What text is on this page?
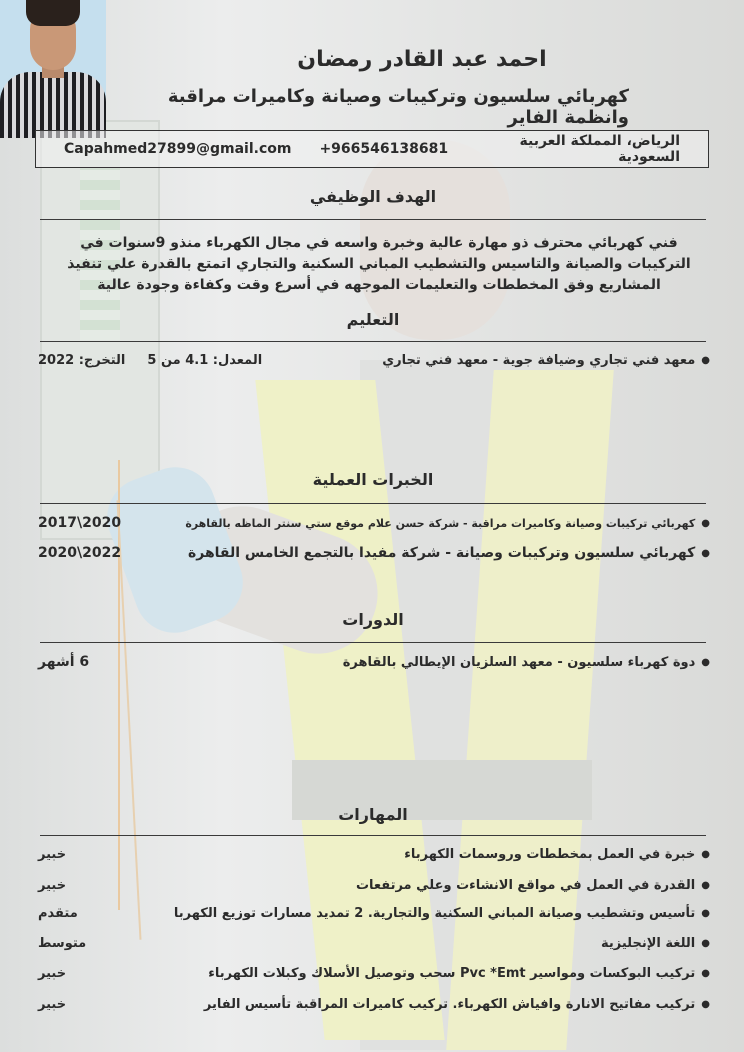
احمد عبد القادر رمضان
كهربائي سلسيون وتركيبات وصيانة وكاميرات مراقبة وانظمة الفاير
الرياض، المملكة العربية السعودية
+966546138681
Capahmed27899@gmail.com
الهدف الوظيفي
فني كهربائي محترف ذو مهارة عالية وخبرة واسعه في مجال الكهرباء منذو 9سنوات في التركيبات والصيانة والتاسيس والتشطيب المباني السكنية والتجاري اتمتع بالقدرة علي تنفيذ المشاريع وفق المخططات والتعليمات الموجهه في أسرع وقت وكفاءة وجودة عالية
التعليم
●
معهد فني تجاري وضيافة جوية - معهد فني تجاري
المعدل: 4.1 من 5
التخرج: 2022
الخبرات العملية
●
كهربائي تركيبات وصيانة وكاميرات مراقبة - شركة حسن علام موقع ستي سنتر الماظه بالقاهرة
2020\2017
●
كهربائي سلسيون وتركيبات وصيانة - شركة مفيدا بالتجمع الخامس القاهرة
2022\2020
الدورات
●
دوة كهرباء سلسيون - معهد السلزيان الإيطالي بالقاهرة
6 أشهر
المهارات
●
خبرة في العمل بمخططات وروسمات الكهرباء
خبير
●
القدرة في العمل في مواقع الانشاءت وعلي مرتفعات
خبير
●
تأسيس وتشطيب وصيانة المباني السكنية والتجارية. 2 تمديد مسارات توزيع الكهربا
متقدم
●
اللغة الإنجليزية
متوسط
●
تركيب البوكسات ومواسير Pvc *Emt سحب وتوصيل الأسلاك وكبلات الكهرباء
خبير
●
تركيب مفاتيح الانارة وافياش الكهرباء. تركيب كاميرات المراقبة تأسيس الفاير
خبير
